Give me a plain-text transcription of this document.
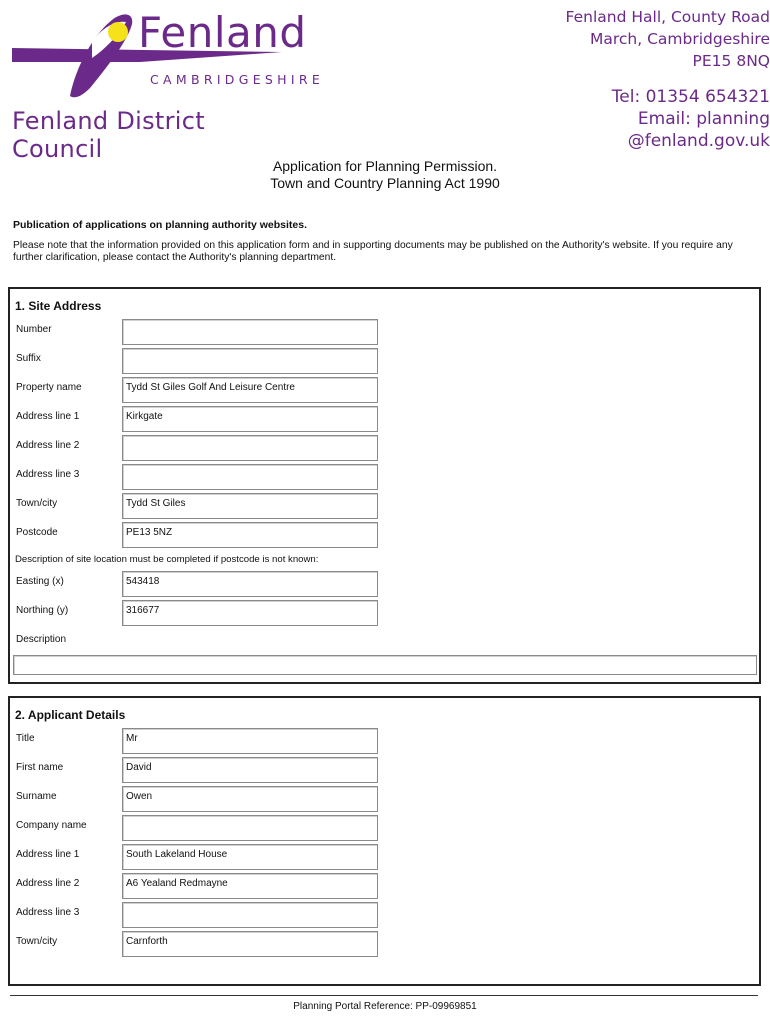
Fenland
CAMBRIDGESHIRE
Fenland District Council
Fenland Hall, County Road
March, Cambridgeshire
PE15 8NQ
Tel: 01354 654321
Email: planning @fenland.gov.uk
Application for Planning Permission.
Town and Country Planning Act 1990
Publication of applications on planning authority websites.
Please note that the information provided on this application form and in supporting documents may be published on the Authority's website. If you require any further clarification, please contact the Authority's planning department.
1. Site Address
Number
Suffix
Property name	Tydd St Giles Golf And Leisure Centre
Address line 1	Kirkgate
Address line 2
Address line 3
Town/city	Tydd St Giles
Postcode	PE13 5NZ
Description of site location must be completed if postcode is not known:
Easting (x)	543418
Northing (y)	316677
Description
2. Applicant Details
Title	Mr
First name	David
Surname	Owen
Company name
Address line 1	South Lakeland House
Address line 2	A6 Yealand Redmayne
Address line 3
Town/city	Carnforth
Planning Portal Reference: PP-09969851
